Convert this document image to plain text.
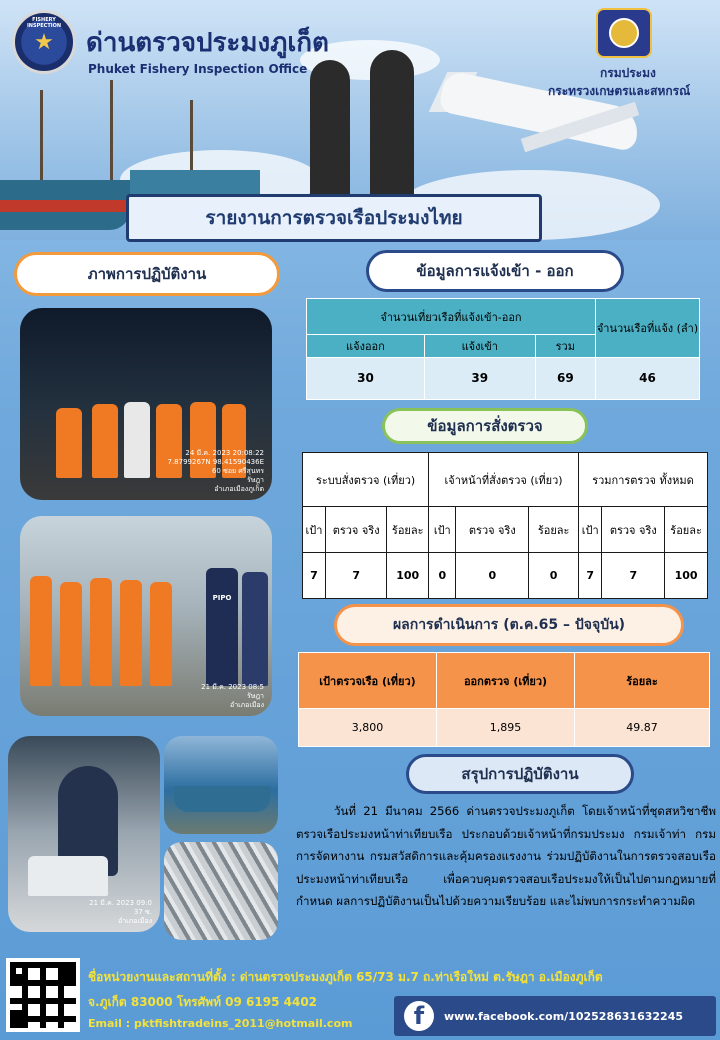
FISHERY INSPECTION
★ ด่านตรวจประมงภูเก็ต
Phuket Fishery Inspection Office	กรมประมง
กระทรวงเกษตรและสหกรณ์
รายงานการตรวจเรือประมงไทย
ภาพการปฏิบัติงาน
24 มี.ค. 2023 20:08:22
7.8799267N 98.41590436E
60 ซอย ศรีสุนทร
รัษฎา
อำเภอเมืองภูเก็ต
PIPO
21 มี.ค. 2023 08:5
รัษฎา
อำเภอเมือง
21 มี.ค. 2023 09:0
37 ซ.
อำเภอเมือง
ข้อมูลการแจ้งเข้า - ออก
จำนวนเที่ยวเรือที่แจ้งเข้า-ออก			จำนวนเรือที่แจ้ง (ลำ)
แจ้งออก	แจ้งเข้า	รวม	
30	39	69	46
ข้อมูลการสั่งตรวจ
ระบบสั่งตรวจ (เที่ยว)			เจ้าหน้าที่สั่งตรวจ (เที่ยว)			รวมการตรวจ ทั้งหมด		
เป้า	ตรวจ จริง	ร้อยละ	เป้า	ตรวจ จริง	ร้อยละ	เป้า	ตรวจ จริง	ร้อยละ
7	7	100	0	0	0	7	7	100
ผลการดำเนินการ (ต.ค.65 – ปัจจุบัน)
เป้าตรวจเรือ (เที่ยว)	ออกตรวจ (เที่ยว)	ร้อยละ
3,800	1,895	49.87
สรุปการปฏิบัติงาน
วันที่ 21 มีนาคม 2566 ด่านตรวจประมงภูเก็ต โดยเจ้าหน้าที่ชุดสหวิชาชีพตรวจเรือประมงหน้าท่าเทียบเรือ ประกอบด้วยเจ้าหน้าที่กรมประมง กรมเจ้าท่า กรมการจัดหางาน กรมสวัสดิการและคุ้มครองแรงงาน ร่วมปฏิบัติงานในการตรวจสอบเรือประมงหน้าท่าเทียบเรือ เพื่อควบคุมตรวจสอบเรือประมงให้เป็นไปตามกฎหมายที่กำหนด ผลการปฏิบัติงานเป็นไปด้วยความเรียบร้อย และไม่พบการกระทำความผิด
ชื่อหน่วยงานและสถานที่ตั้ง : ด่านตรวจประมงภูเก็ต 65/73 ม.7 ถ.ท่าเรือใหม่ ต.รัษฎา อ.เมืองภูเก็ต
จ.ภูเก็ต 83000 โทรศัพท์ 09 6195 4402
Email : pktfishtradeins_2011@hotmail.com	f	www.facebook.com/102528631632245
